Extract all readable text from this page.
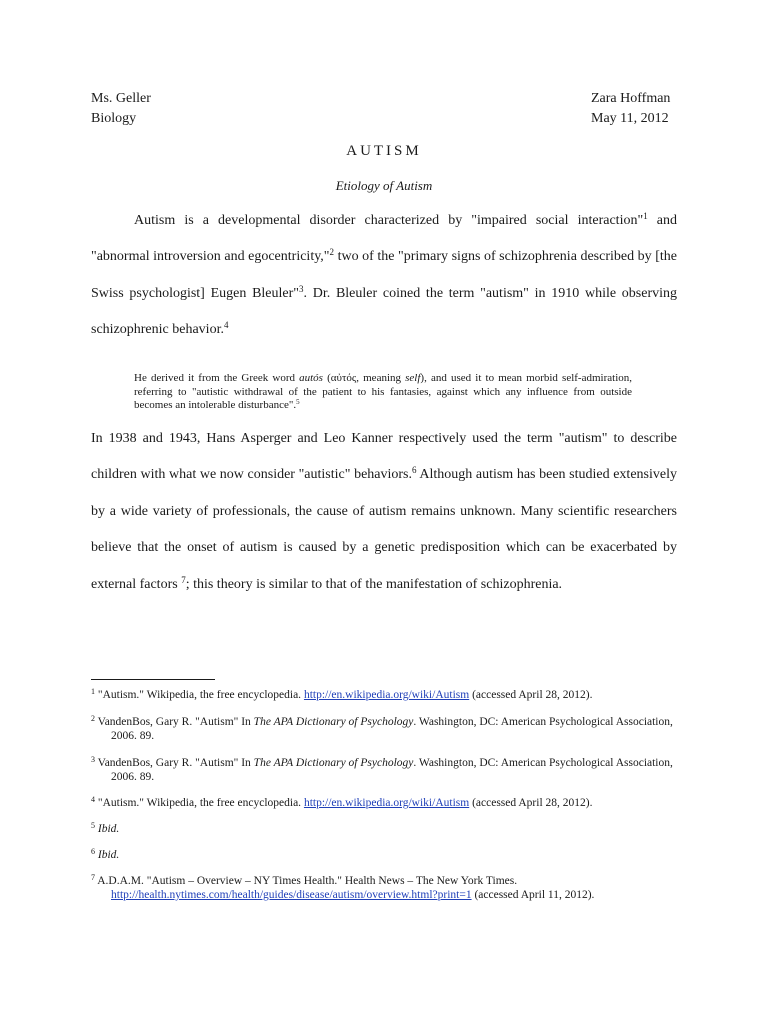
Ms. Geller
Biology
Zara Hoffman
May 11, 2012
AUTISM
Etiology of Autism

Autism is a developmental disorder characterized by "impaired social interaction"$^1$ and "abnormal introversion and egocentricity,"$^2$ two of the "primary signs of schizophrenia described by [the Swiss psychologist] Eugen Bleuler"$^3$. Dr. Bleuler coined the term "autism" in 1910 while observing schizophrenic behavior.$^4$

He derived it from the Greek word autós (αὐτός, meaning self), and used it to mean morbid self-admiration, referring to "autistic withdrawal of the patient to his fantasies, against which any influence from outside becomes an intolerable disturbance".$^5$

In 1938 and 1943, Hans Asperger and Leo Kanner respectively used the term "autism" to describe children with what we now consider "autistic" behaviors.$^6$ Although autism has been studied extensively by a wide variety of professionals, the cause of autism remains unknown. Many scientific researchers believe that the onset of autism is caused by a genetic predisposition which can be exacerbated by external factors $^7$; this theory is similar to that of the manifestation of schizophrenia.

$^1$ "Autism." Wikipedia, the free encyclopedia. http://en.wikipedia.org/wiki/Autism (accessed April 28, 2012).

$^2$ VandenBos, Gary R. "Autism" In The APA Dictionary of Psychology. Washington, DC: American Psychological Association, 2006. 89.

$^3$ VandenBos, Gary R. "Autism" In The APA Dictionary of Psychology. Washington, DC: American Psychological Association, 2006. 89.

$^4$ "Autism." Wikipedia, the free encyclopedia. http://en.wikipedia.org/wiki/Autism (accessed April 28, 2012).

$^5$ Ibid.

$^6$ Ibid.

$^7$ A.D.A.M. "Autism – Overview – NY Times Health." Health News – The New York Times. http://health.nytimes.com/health/guides/disease/autism/overview.html?print=1 (accessed April 11, 2012).
